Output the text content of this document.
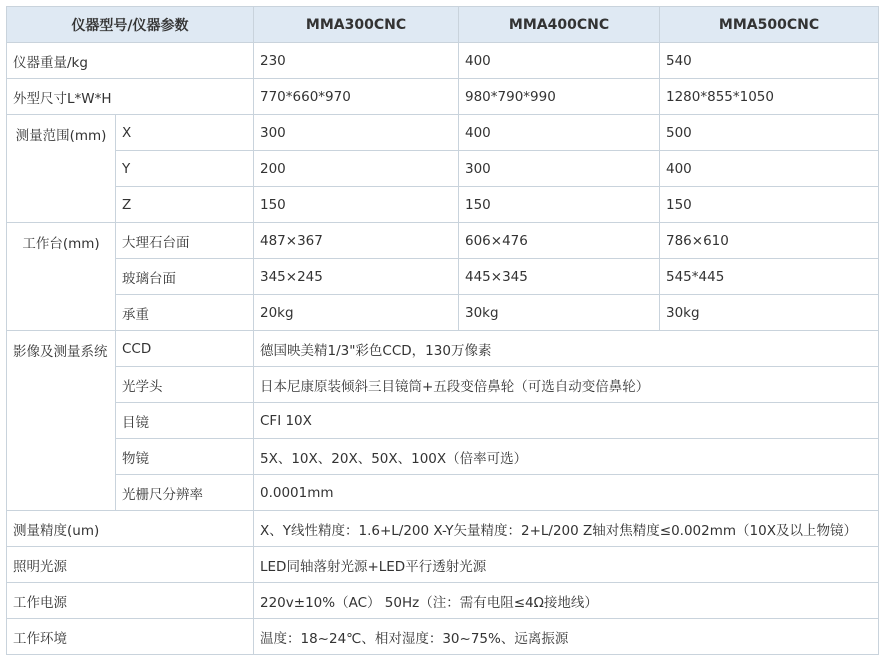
仪器型号/仪器参数		MMA300CNC	MMA400CNC	MMA500CNC
仪器重量/kg		230	400	540
外型尺寸L*W*H		770*660*970	980*790*990	1280*855*1050
测量范围(mm)	X	300	400	500
	Y	200	300	400
	Z	150	150	150
工作台(mm)	大理石台面	487×367	606×476	786×610
	玻璃台面	345×245	445×345	545*445
	承重	20kg	30kg	30kg
影像及测量系统	CCD	德国映美精1/3"彩色CCD，130万像素		
	光学头	日本尼康原装倾斜三目镜筒+五段变倍鼻轮（可选自动变倍鼻轮）		
	目镜	CFI 10X		
	物镜	5X、10X、20X、50X、100X（倍率可选）		
	光栅尺分辨率	0.0001mm		
测量精度(um)		X、Y线性精度：1.6+L/200 X-Y矢量精度：2+L/200 Z轴对焦精度≤0.002mm（10X及以上物镜）		
照明光源		LED同轴落射光源+LED平行透射光源		
工作电源		220v±10%（AC） 50Hz（注：需有电阻≤4Ω接地线）		
工作环境		温度：18~24℃、相对湿度：30~75%、远离振源		
